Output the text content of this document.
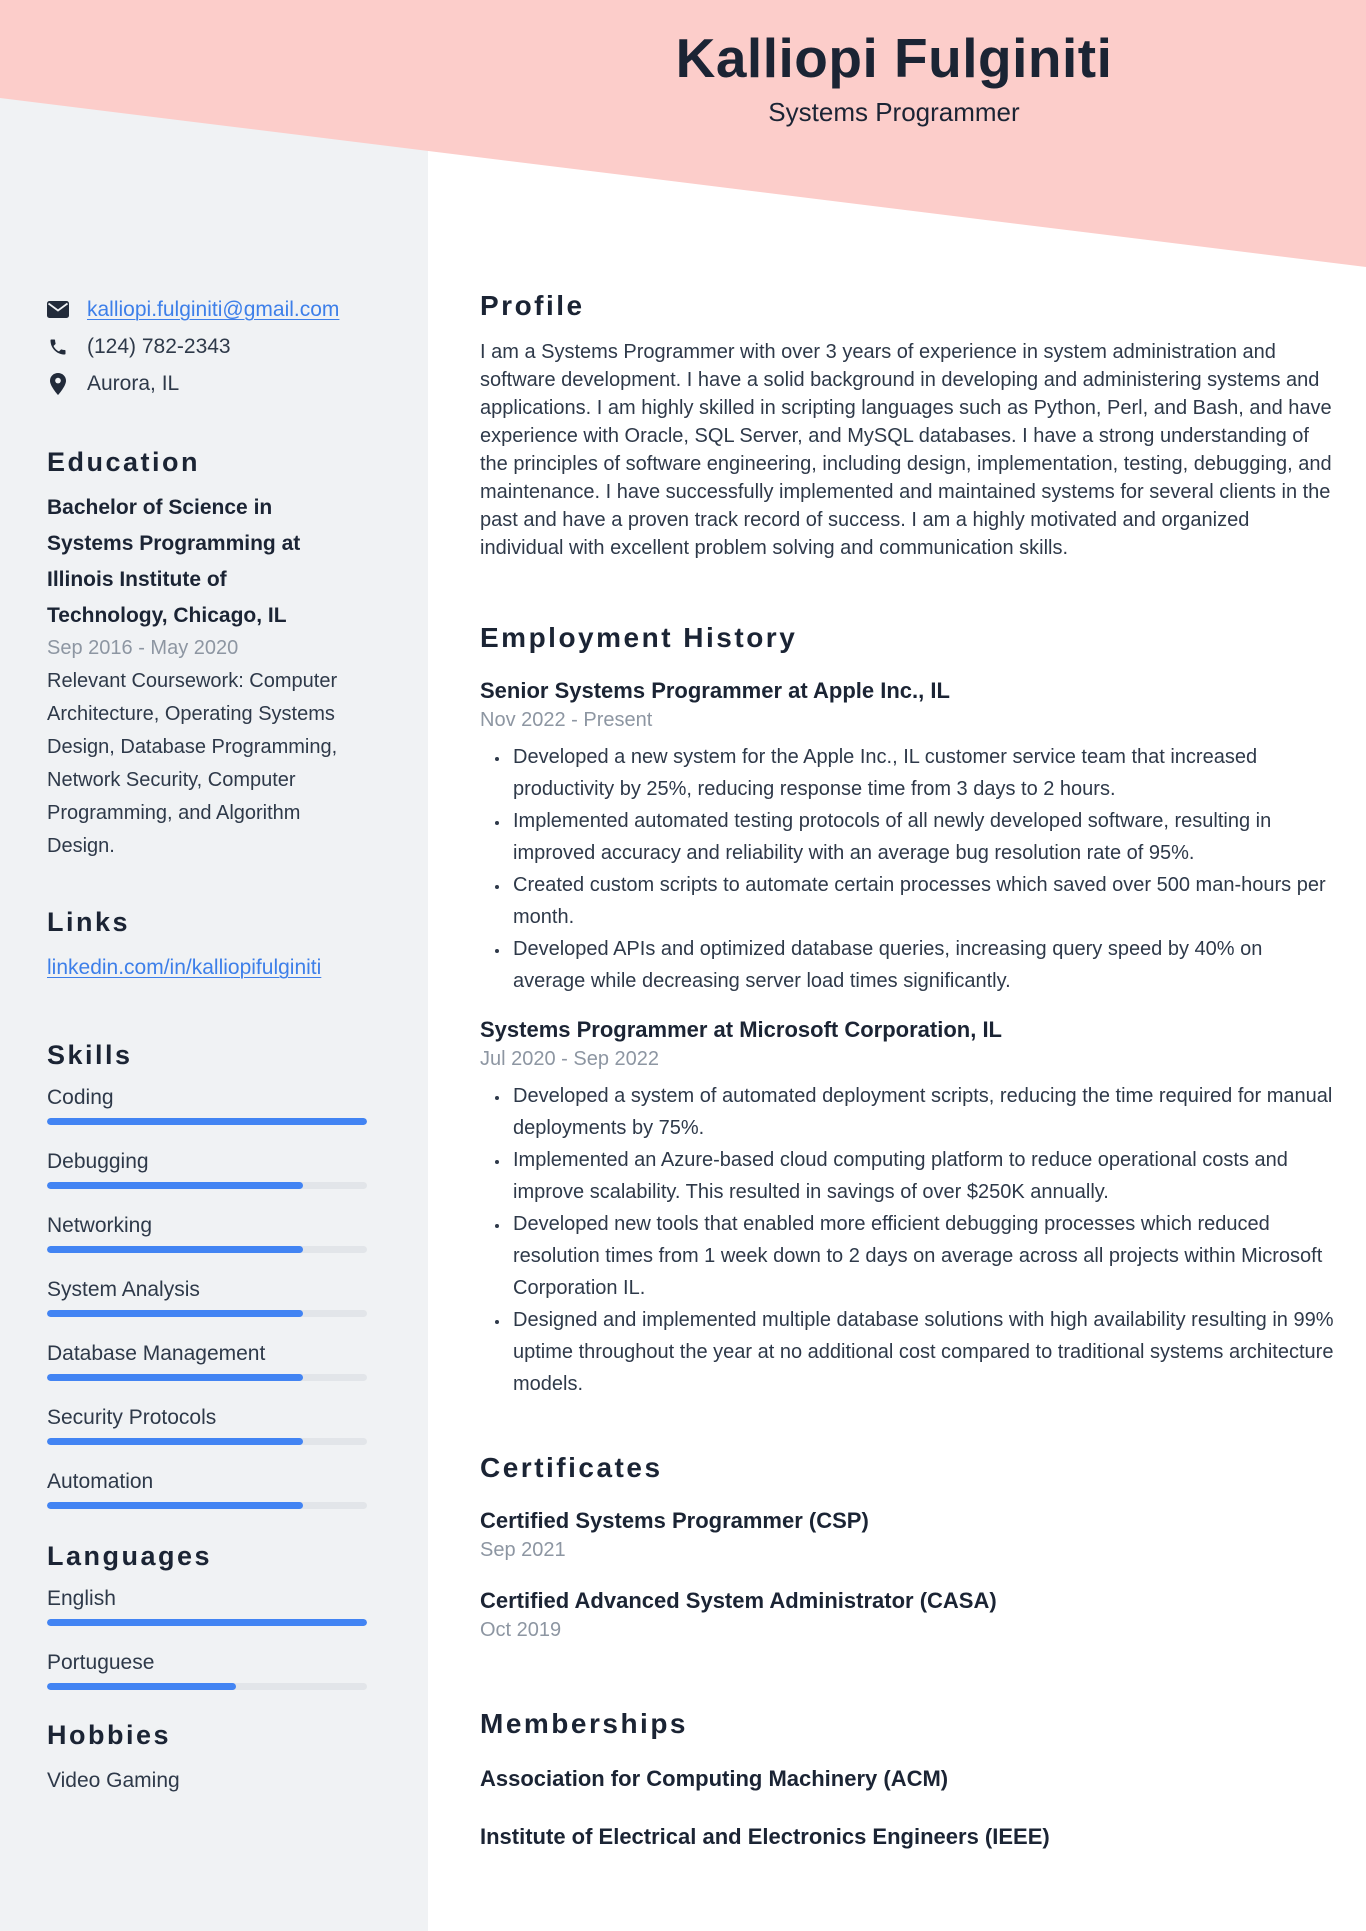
kalliopi.fulginiti@gmail.com
(124) 782-2343
Aurora, IL
Education
Bachelor of Science in Systems Programming at Illinois Institute of Technology, Chicago, IL
Sep 2016 - May 2020
Relevant Coursework: Computer Architecture, Operating Systems Design, Database Programming, Network Security, Computer Programming, and Algorithm Design.
Links
linkedin.com/in/kalliopifulginiti
Skills
Coding
Debugging
Networking
System Analysis
Database Management
Security Protocols
Automation
Languages
English
Portuguese
Hobbies
Video Gaming
Kalliopi Fulginiti
Systems Programmer
Profile

I am a Systems Programmer with over 3 years of experience in system administration and software development. I have a solid background in developing and administering systems and applications. I am highly skilled in scripting languages such as Python, Perl, and Bash, and have experience with Oracle, SQL Server, and MySQL databases. I have a strong understanding of the principles of software engineering, including design, implementation, testing, debugging, and maintenance. I have successfully implemented and maintained systems for several clients in the past and have a proven track record of success. I am a highly motivated and organized individual with excellent problem solving and communication skills.

Employment History
Senior Systems Programmer at Apple Inc., IL
Nov 2022 - Present
• Developed a new system for the Apple Inc., IL customer service team that increased productivity by 25%, reducing response time from 3 days to 2 hours.
• Implemented automated testing protocols of all newly developed software, resulting in improved accuracy and reliability with an average bug resolution rate of 95%.
• Created custom scripts to automate certain processes which saved over 500 man-hours per month.
• Developed APIs and optimized database queries, increasing query speed by 40% on average while decreasing server load times significantly.
Systems Programmer at Microsoft Corporation, IL
Jul 2020 - Sep 2022
• Developed a system of automated deployment scripts, reducing the time required for manual deployments by 75%.
• Implemented an Azure-based cloud computing platform to reduce operational costs and improve scalability. This resulted in savings of over $250K annually.
• Developed new tools that enabled more efficient debugging processes which reduced resolution times from 1 week down to 2 days on average across all projects within Microsoft Corporation IL.
• Designed and implemented multiple database solutions with high availability resulting in 99% uptime throughout the year at no additional cost compared to traditional systems architecture models.
Certificates
Certified Systems Programmer (CSP)
Sep 2021
Certified Advanced System Administrator (CASA)
Oct 2019
Memberships
Association for Computing Machinery (ACM)
Institute of Electrical and Electronics Engineers (IEEE)
